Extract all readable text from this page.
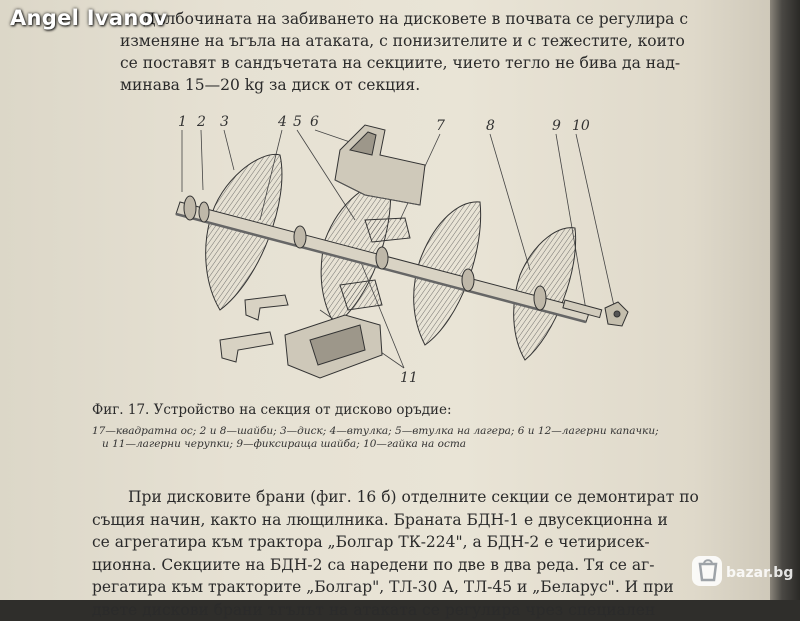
Дълбочината на забиването на дисковете в почвата се регулира с
изменяне на ъгъла на атаката, с понизителите и с тежестите, които
се поставят в сандъчетата на секциите, чието тегло не бива да над-
минава 15—20 kg за диск от секция.
1 2 3	4 5 6	7	8	9 10
11
Фиг. 17. Устройство на секция от дисково оръдие:
17—квадратна ос; 2 и 8—шайби; 3—диск; 4—втулка; 5—втулка на лагера; 6 и 12—лагерни капачки;
и 11—лагерни черупки; 9—фиксираща шайба; 10—гайка на оста
При дисковите брани (фиг. 16 б) отделните секции се демонтират по
същия начин, както на лющилника. Браната БДН-1 е двусекционна и
се агрегатира към трактора „Болгар ТК-224", а БДН-2 е четирисек-
ционна. Секциите на БДН-2 са наредени по две в два реда. Тя се аг-
регатира към тракторите „Болгар", ТЛ-30 А, ТЛ-45 и „Беларус". И при
двете дискови брани ъгълът на атаката се регулира чрез специален
Angel Ivanov
bazar.bg
